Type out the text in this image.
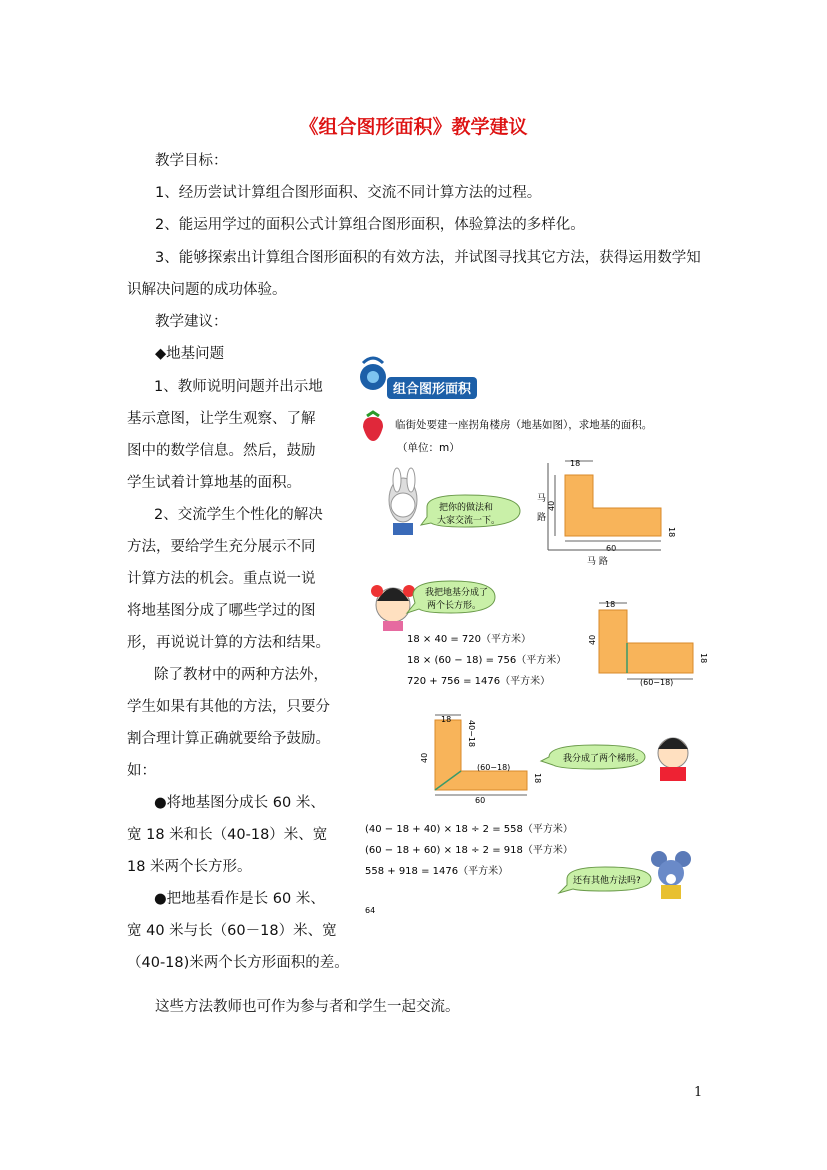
《组合图形面积》教学建议
教学目标：
1、经历尝试计算组合图形面积、交流不同计算方法的过程。
2、能运用学过的面积公式计算组合图形面积，体验算法的多样化。
3、能够探索出计算组合图形面积的有效方法，并试图寻找其它方法，获得运用数学知
识解决问题的成功体验。
教学建议：
◆地基问题
1、教师说明问题并出示地
基示意图，让学生观察、了解
图中的数学信息。然后，鼓励
学生试着计算地基的面积。
2、交流学生个性化的解决
方法，要给学生充分展示不同
计算方法的机会。重点说一说
将地基图分成了哪些学过的图
形，再说说计算的方法和结果。
除了教材中的两种方法外，
学生如果有其他的方法，只要分
割合理计算正确就要给予鼓励。
如：
●将地基图分成长 60 米、
宽 18 米和长（40-18）米、宽
18 米两个长方形。
●把地基看作是长 60 米、
宽 40 米与长（60－18）米、宽
（40-18)米两个长方形面积的差。
这些方法教师也可作为参与者和学生一起交流。
1
组合图形面积
临街处要建一座拐角楼房（地基如图），求地基的面积。
（单位：m）
把你的做法和
大家交流一下。
18
40
60
18
马路
马 路
我把地基分成了
两个长方形。
18 × 40 = 720（平方米）
18 × (60 − 18) = 756（平方米）
720 + 756 = 1476（平方米）
18
40
(60−18)
18
18
40−18
40
(60−18)
18
60
我分成了两个梯形。
(40 − 18 + 40) × 18 ÷ 2 = 558（平方米）
(60 − 18 + 60) × 18 ÷ 2 = 918（平方米）
558 + 918 = 1476（平方米）
还有其他方法吗?
64
